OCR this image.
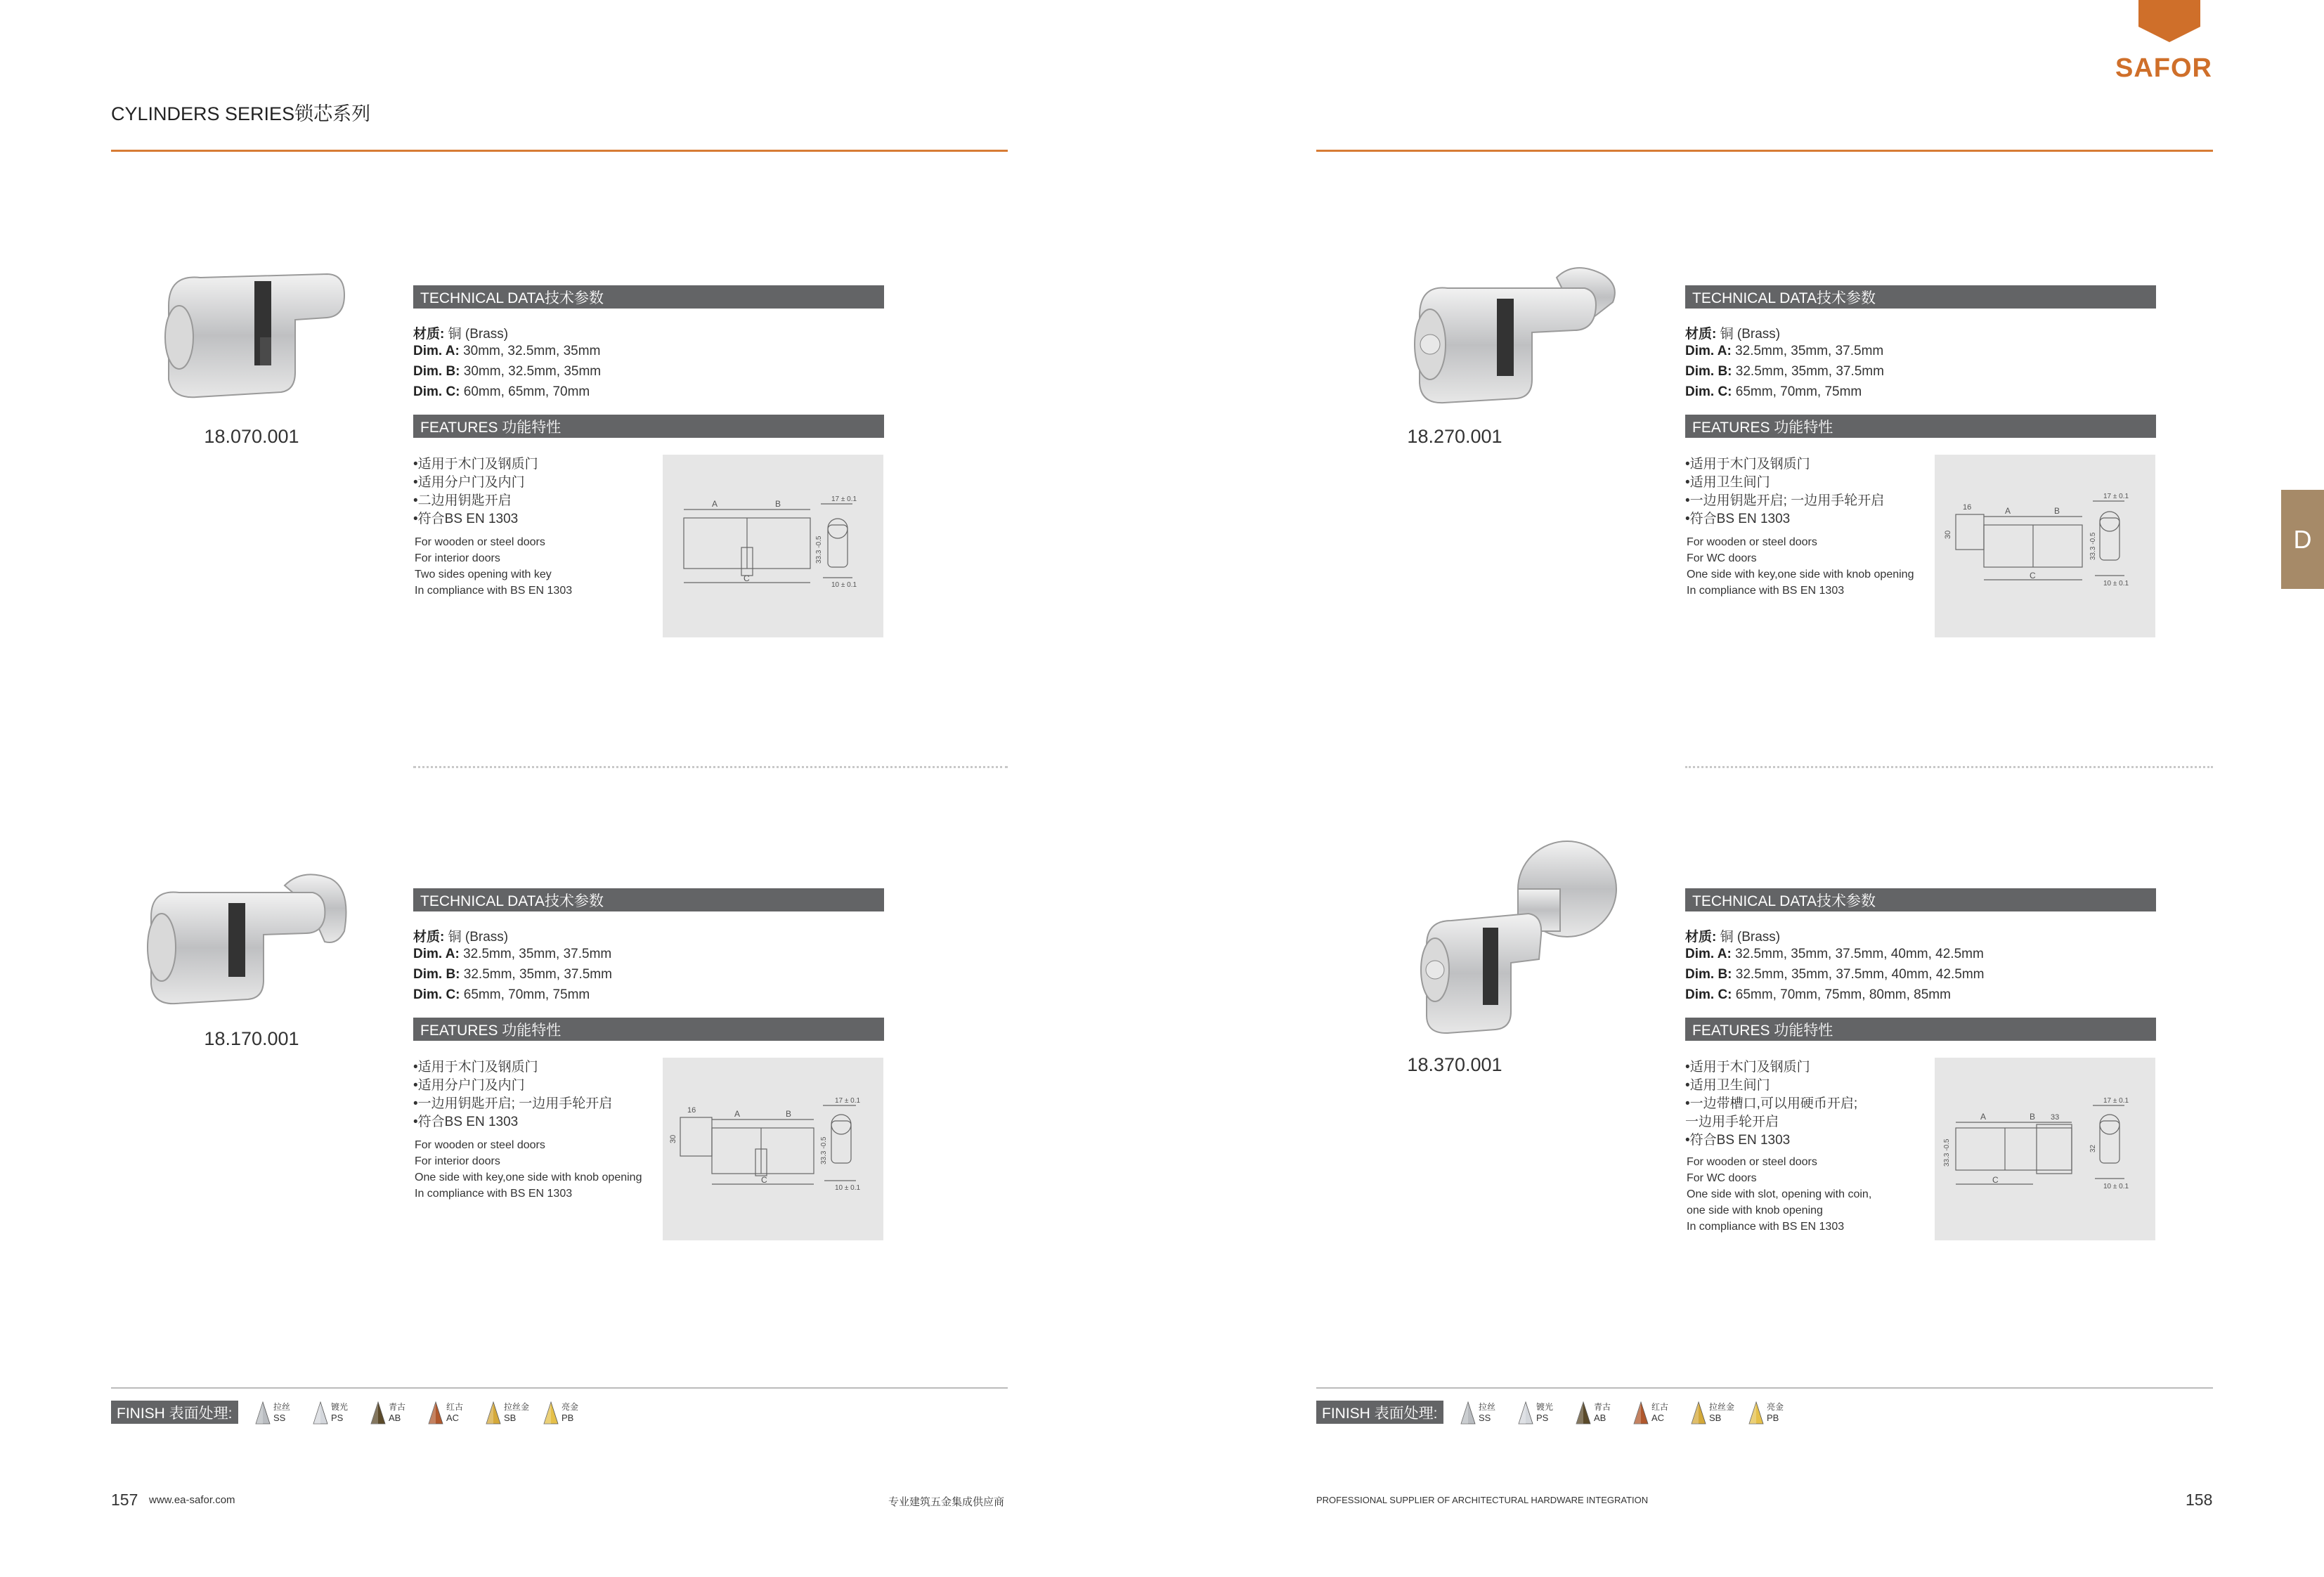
CYLINDERS SERIES锁芯系列
SAFOR
D
18.070.001
TECHNICAL DATA技术参数
材质: 铜 (Brass)
Dim. A: 30mm, 32.5mm, 35mm
Dim. B: 30mm, 32.5mm, 35mm
Dim. C: 60mm, 65mm, 70mm
FEATURES 功能特性
•适用于木门及钢质门
•适用分户门及内门
•二边用钥匙开启
•符合BS EN 1303
For wooden or steel doors
For interior doors
Two sides opening with key
In compliance with BS EN 1303
A	B
C
17 ± 0.1
10 ± 0.1
33.3 -0.5
18.270.001
TECHNICAL DATA技术参数
材质: 铜 (Brass)
Dim. A: 32.5mm, 35mm, 37.5mm
Dim. B: 32.5mm, 35mm, 37.5mm
Dim. C: 65mm, 70mm, 75mm
FEATURES 功能特性
•适用于木门及钢质门
•适用卫生间门
•一边用钥匙开启; 一边用手轮开启
•符合BS EN 1303
For wooden or steel doors
For WC doors
One side with key,one side with knob opening
In compliance with BS EN 1303
16
30
A	B
C
17 ± 0.1
10 ± 0.1
33.3 -0.5
18.170.001
TECHNICAL DATA技术参数
材质: 铜 (Brass)
Dim. A: 32.5mm, 35mm, 37.5mm
Dim. B: 32.5mm, 35mm, 37.5mm
Dim. C: 65mm, 70mm, 75mm
FEATURES 功能特性
•适用于木门及钢质门
•适用分户门及内门
•一边用钥匙开启; 一边用手轮开启
•符合BS EN 1303
For wooden or steel doors
For interior doors
One side with key,one side with knob opening
In compliance with BS EN 1303
16
30
A	B
C
17 ± 0.1
10 ± 0.1
33.3 -0.5
18.370.001
TECHNICAL DATA技术参数
材质: 铜 (Brass)
Dim. A: 32.5mm, 35mm, 37.5mm, 40mm, 42.5mm
Dim. B: 32.5mm, 35mm, 37.5mm, 40mm, 42.5mm
Dim. C: 65mm, 70mm, 75mm, 80mm, 85mm
FEATURES 功能特性
•适用于木门及钢质门
•适用卫生间门
•一边带槽口,可以用硬币开启;
一边用手轮开启
•符合BS EN 1303
For wooden or steel doors
For WC doors
One side with slot, opening with coin,
one side with knob opening
In compliance with BS EN 1303
A	B 33
C
33.3 -0.5	32
17 ± 0.1
10 ± 0.1
FINISH 表面处理:	FINISH 表面处理:
拉丝
SS
镀光
PS
青古
AB
红古
AC
拉丝金
SB
亮金
PB
拉丝
SS
镀光
PS
青古
AB
红古
AC
拉丝金
SB
亮金
PB
157 www.ea-safor.com	专业建筑五金集成供应商	PROFESSIONAL SUPPLIER OF ARCHITECTURAL HARDWARE INTEGRATION	158
